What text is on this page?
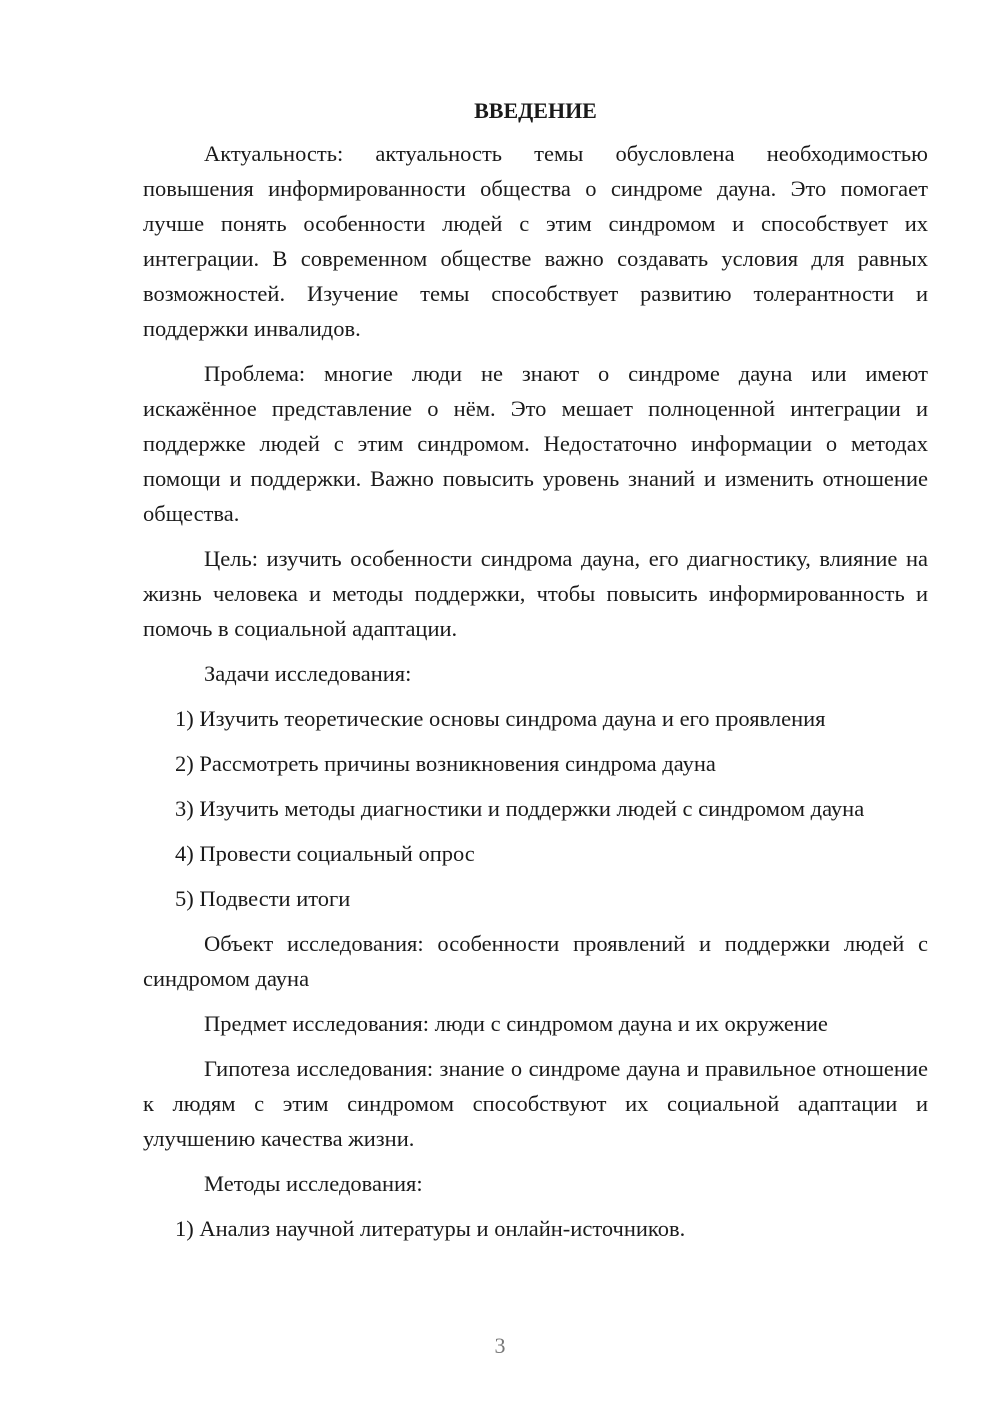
ВВЕДЕНИЕ

Актуальность: актуальность темы обусловлена необходимостью повышения информированности общества о синдроме дауна. Это помогает лучше понять особенности людей с этим синдромом и способствует их интеграции. В современном обществе важно создавать условия для равных возможностей. Изучение темы способствует развитию толерантности и поддержки инвалидов.

Проблема: многие люди не знают о синдроме дауна или имеют искажённое представление о нём. Это мешает полноценной интеграции и поддержке людей с этим синдромом. Недостаточно информации о методах помощи и поддержки. Важно повысить уровень знаний и изменить отношение общества.

Цель: изучить особенности синдрома дауна, его диагностику, влияние на жизнь человека и методы поддержки, чтобы повысить информированность и помочь в социальной адаптации.

Задачи исследования:

1) Изучить теоретические основы синдрома дауна и его проявления

2) Рассмотреть причины возникновения синдрома дауна

3) Изучить методы диагностики и поддержки людей с синдромом дауна

4) Провести социальный опрос

5) Подвести итоги

Объект исследования: особенности проявлений и поддержки людей с синдромом дауна

Предмет исследования: люди с синдромом дауна и их окружение

Гипотеза исследования: знание о синдроме дауна и правильное отношение к людям с этим синдромом способствуют их социальной адаптации и улучшению качества жизни.

Методы исследования:

1) Анализ научной литературы и онлайн-источников.

3
